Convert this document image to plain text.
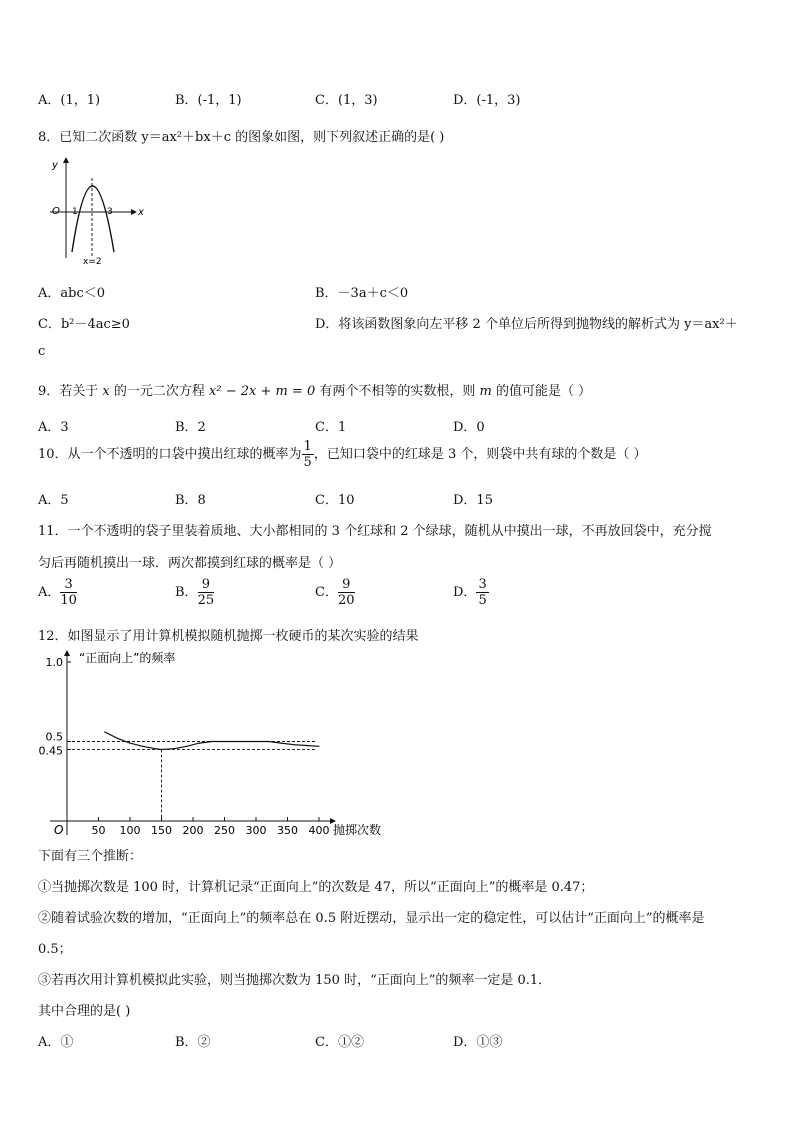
A．(1，1)	B．(-1，1)	C．(1，3)	D．(-1，3)
8．已知二次函数 y＝ax²＋bx＋c 的图象如图，则下列叙述正确的是( )
y
x
O 1	3
x=2
A．abc＜0	B．－3a＋c＜0
C．b²－4ac≥0	D．将该函数图象向左平移 2 个单位后所得到抛物线的解析式为 y＝ax²＋
c
9．若关于 x 的一元二次方程 x² − 2x + m = 0 有两个不相等的实数根，则 m 的值可能是（ ）
A．3	B．2	C．1	D．0
10．从一个不透明的口袋中摸出红球的概率为 $\frac{1}{5}$ ，已知口袋中的红球是 3 个，则袋中共有球的个数是（ ）
A．5	B．8	C．10	D．15
11．一个不透明的袋子里装着质地、大小都相同的 3 个红球和 2 个绿球，随机从中摸出一球，不再放回袋中，充分搅
匀后再随机摸出一球．两次都摸到红球的概率是（ ）
A． $\frac{3}{10}$	B． $\frac{9}{25}$	C． $\frac{9}{20}$	D． $\frac{3}{5}$
12．如图显示了用计算机模拟随机抛掷一枚硬币的某次实验的结果
O	50 100 150 200 250 300 350 400 抛掷次数
0.45
0.5
1.0 “正面向上”的频率
下面有三个推断：
①当抛掷次数是 100 时，计算机记录“正面向上”的次数是 47，所以“正面向上”的概率是 0.47；
②随着试验次数的增加，“正面向上”的频率总在 0.5 附近摆动，显示出一定的稳定性，可以估计“正面向上”的概率是
0.5；
③若再次用计算机模拟此实验，则当抛掷次数为 150 时，“正面向上”的频率一定是 0.1．
其中合理的是( )
A．①	B．②	C．①②	D．①③
